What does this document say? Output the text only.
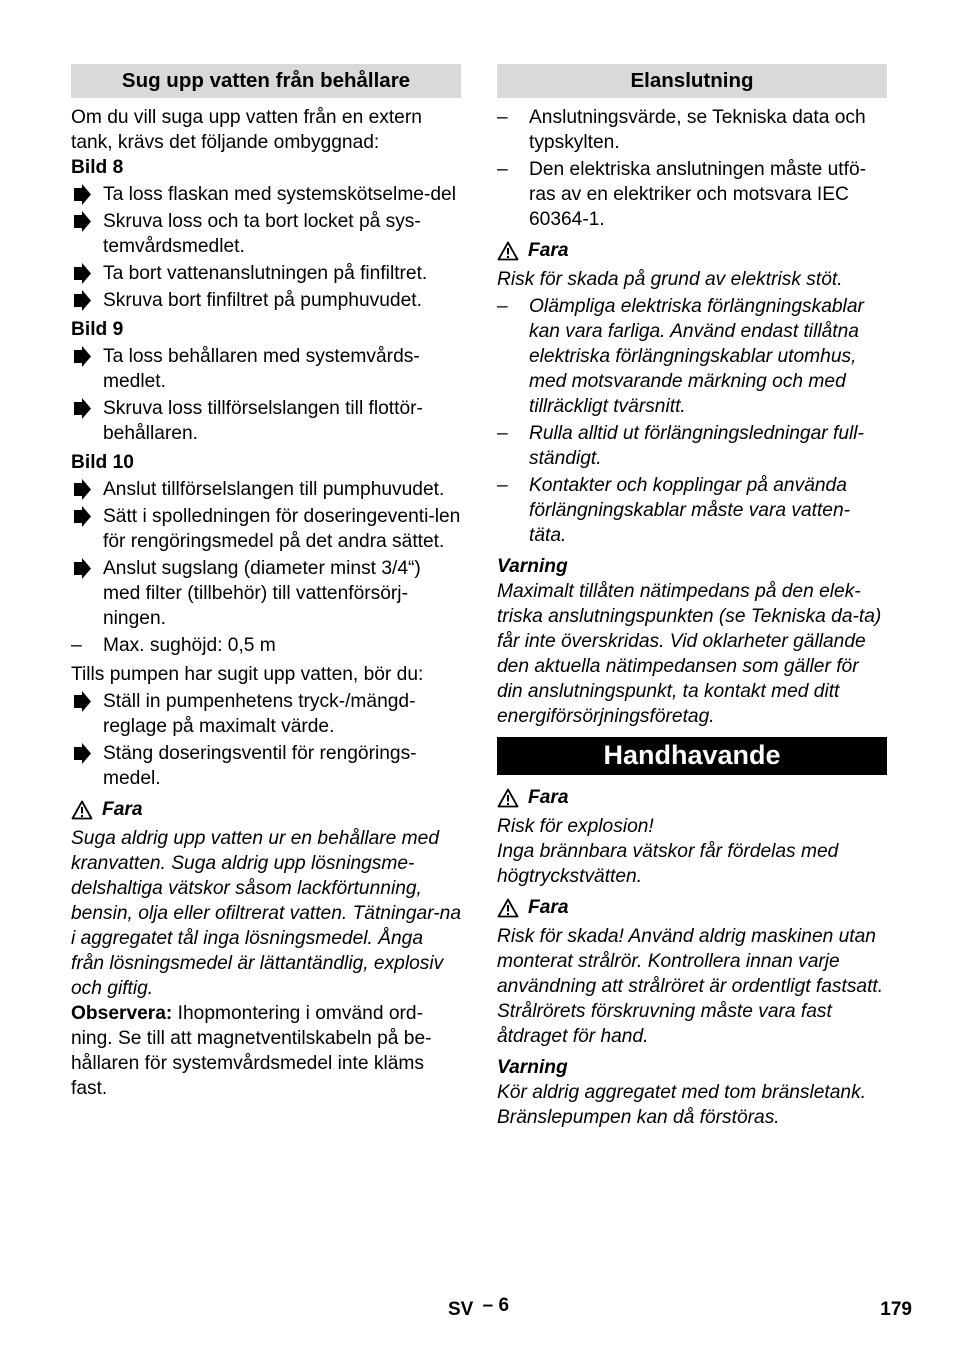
Sug upp vatten från behållare

Om du vill suga upp vatten från en extern tank, krävs det följande ombyggnad:

Bild 8

Ta loss flaskan med systemskötselme-del
Skruva loss och ta bort locket på sys-temvårdsmedlet.
Ta bort vattenanslutningen på finfiltret.
Skruva bort finfiltret på pumphuvudet.

Bild 9

Ta loss behållaren med systemvårds-medlet.
Skruva loss tillförselslangen till flottör-behållaren.

Bild 10

Anslut tillförselslangen till pumphuvudet.
Sätt i spolledningen för doseringeventi-len för rengöringsmedel på det andra sättet.
Anslut sugslang (diameter minst 3/4“) med filter (tillbehör) till vattenförsörj-ningen.
– Max. sughöjd: 0,5 m

Tills pumpen har sugit upp vatten, bör du:

Ställ in pumpenhetens tryck-/mängd-reglage på maximalt värde.
Stäng doseringsventil för rengörings-medel.
Fara

Suga aldrig upp vatten ur en behållare med kranvatten. Suga aldrig upp lösningsme-delshaltiga vätskor såsom lackförtunning, bensin, olja eller ofiltrerat vatten. Tätningar-na i aggregatet tål inga lösningsmedel. Ånga från lösningsmedel är lättantändlig, explosiv och giftig.

Observera: Ihopmontering i omvänd ord-ning. Se till att magnetventilskabeln på be-hållaren för systemvårdsmedel inte kläms fast.

Elanslutning
– Anslutningsvärde, se Tekniska data och typskylten.
– Den elektriska anslutningen måste utfö-ras av en elektriker och motsvara IEC 60364-1.
Fara

Risk för skada på grund av elektrisk stöt.

– Olämpliga elektriska förlängningskablar kan vara farliga. Använd endast tillåtna elektriska förlängningskablar utomhus, med motsvarande märkning och med tillräckligt tvärsnitt.
– Rulla alltid ut förlängningsledningar full-ständigt.
– Kontakter och kopplingar på använda förlängningskablar måste vara vatten-täta.

Varning

Maximalt tillåten nätimpedans på den elek-triska anslutningspunkten (se Tekniska da-ta) får inte överskridas. Vid oklarheter gällande den aktuella nätimpedansen som gäller för din anslutningspunkt, ta kontakt med ditt energiförsörjningsföretag.

Handhavande
Fara

Risk för explosion!

Inga brännbara vätskor får fördelas med högtryckstvätten.

Fara

Risk för skada! Använd aldrig maskinen utan monterat strålrör. Kontrollera innan varje användning att strålröret är ordentligt fastsatt. Strålrörets förskruvning måste vara fast åtdraget för hand.

Varning

Kör aldrig aggregatet med tom bränsletank. Bränslepumpen kan då förstöras.

SV – 6	179
